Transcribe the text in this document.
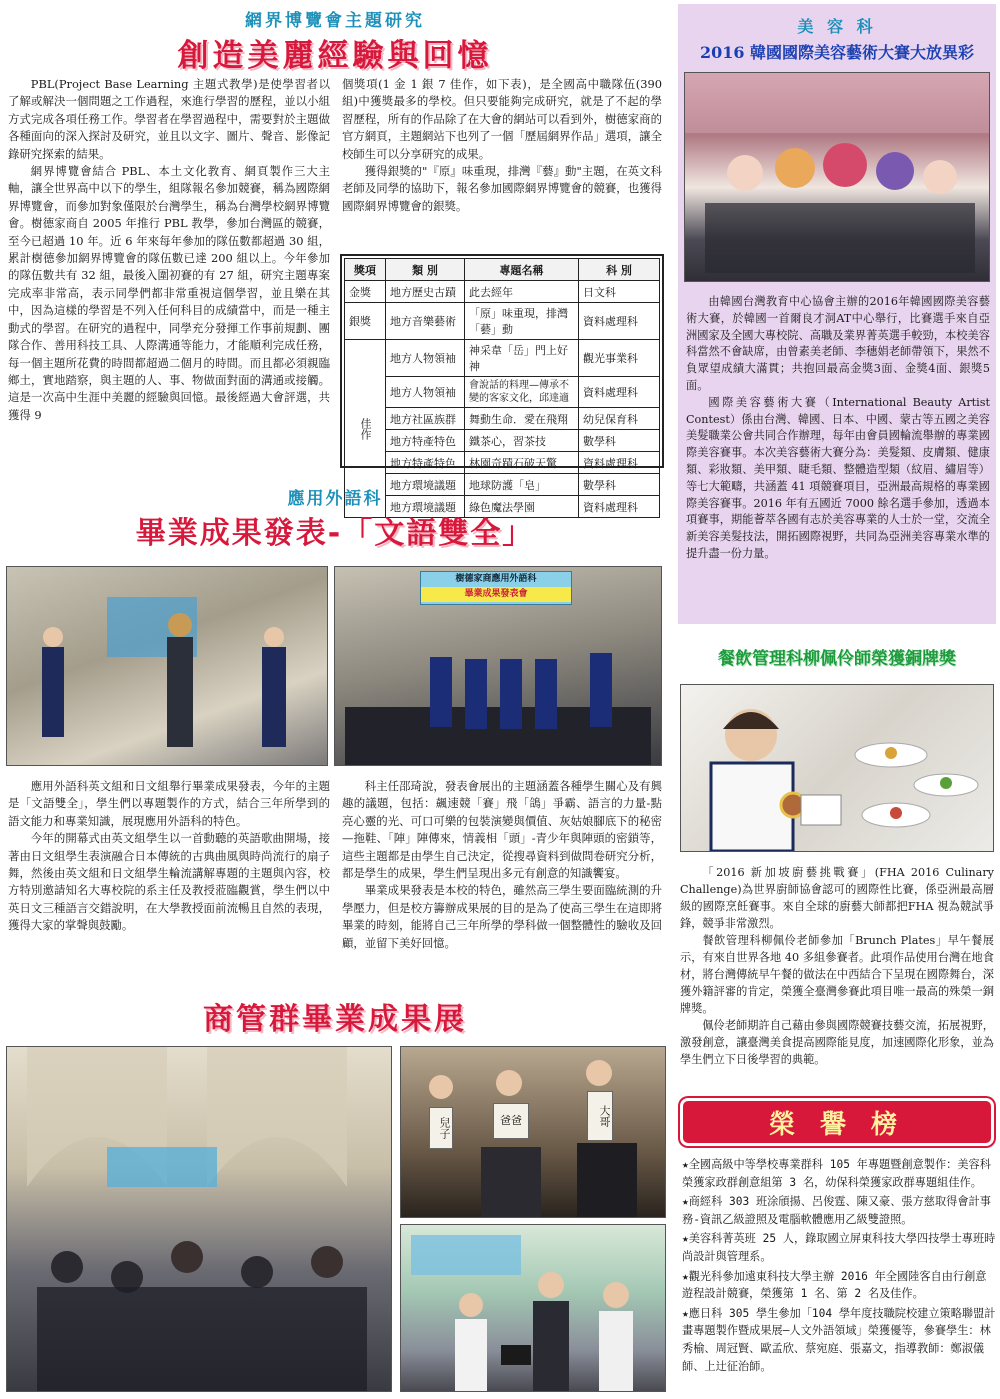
網界博覽會主題研究
創造美麗經驗與回憶

PBL(Project Base Learning 主題式教學)是使學習者以了解或解決一個問題之工作過程，來進行學習的歷程，並以小組方式完成各項任務工作。學習者在學習過程中，需要對於主題做各種面向的深入探討及研究，並且以文字、圖片、聲音、影像記錄研究探索的結果。

網界博覽會結合 PBL、本土文化教育、網頁製作三大主軸，讓全世界高中以下的學生，組隊報名參加競賽，稱為國際網界博覽會，而參加對象僅限於台灣學生，稱為台灣學校網界博覽會。樹德家商自 2005 年推行 PBL 教學，參加台灣區的競賽，至今已超過 10 年。近 6 年來每年參加的隊伍數都超過 30 組，累計樹德參加網界博覽會的隊伍數已達 200 組以上。今年參加的隊伍數共有 32 組，最後入圍初賽的有 27 組，研究主題專案完成率非常高，表示同學們都非常重視這個學習，並且樂在其中，因為這樣的學習是不列入任何科目的成績當中，而是一種主動式的學習。在研究的過程中，同學充分發揮工作事前規劃、團隊合作、善用科技工具、人際溝通等能力，才能順利完成任務，每一個主題所花費的時間都超過二個月的時間。而且都必須親臨鄉土，實地踏察，與主題的人、事、物做面對面的溝通或接觸。這是一次高中生涯中美麗的經驗與回憶。最後經過大會評選，共獲得 9

個獎項(1 金 1 銀 7 佳作，如下表)，是全國高中職隊伍(390 組)中獲獎最多的學校。但只要能夠完成研究，就是了不起的學習歷程，所有的作品除了在大會的網站可以看到外，樹德家商的官方網頁，主題網站下也列了一個「歷屆網界作品」選項，讓全校師生可以分享研究的成果。

獲得銀獎的"『原』味重現，排灣『藝』動"主題，在英文科老師及同學的協助下，報名參加國際網界博覽會的競賽，也獲得國際網界博覽會的銀獎。

獎項	類 別	專題名稱	科 別
金獎	地方歷史古蹟	此去經年	日文科
銀獎	地方音樂藝術	「原」味重現，排灣「藝」動	資料處理科
佳作	地方人物領袖	神采韋「岳」門上好神	觀光事業科
	地方人物領袖	會說話的料理—傳承不變的客家文化，邱達適	資料處理科
	地方社區族群	舞動生命．愛在飛翔	幼兒保育科
	地方特產特色	鐵茶心，習茶技	數學科
	地方特產特色	林園奇蹟石破天驚	資料處理科
	地方環境議題	地球防護「皂」	數學科
	地方環境議題	綠色魔法學園	資料處理科
美 容 科
2016 韓國國際美容藝術大賽大放異彩

由韓國台灣教育中心協會主辦的2016年韓國國際美容藝術大賽，於韓國一首爾良才洞AT中心舉行，比賽選手來自亞洲國家及全國大專校院、高職及業界菁英選手較勁，本校美容科當然不會缺席，由曾素美老師、李穗娟老師帶領下，果然不負眾望成績大滿貫；共抱回最高金獎3面、金獎4面、銀獎5面。

國際美容藝術大賽（International Beauty Artist Contest）係由台灣、韓國、日本、中國、蒙古等五國之美容美髮職業公會共同合作辦理，每年由會員國輪流舉辦的專業國際美容賽事。本次美容藝術大賽分為：美髮類、皮膚類、健康類、彩妝類、美甲類、睫毛類、整體造型類（紋眉、繡眉等）等七大範疇，共涵蓋 41 項競賽項目，亞洲最高規格的專業國際美容賽事。2016 年有五國近 7000 餘名選手參加，透過本項賽事，期能薈萃各國有志於美容專業的人士於一堂，交流全新美容美髮技法，開拓國際視野，共同為亞洲美容專業水準的提升盡一份力量。

應用外語科
畢業成果發表-「文語雙全」
樹德家商應用外語科
畢業成果發表會

應用外語科英文組和日文組舉行畢業成果發表，今年的主題是「文語雙全」，學生們以專題製作的方式，結合三年所學到的語文能力和專業知識，展現應用外語科的特色。

今年的開幕式由英文組學生以一首動聽的英語歌曲開場，接著由日文組學生表演融合日本傳統的古典曲風與時尚流行的扇子舞，然後由英文組和日文組學生輪流講解專題的主題與內容，校方特別邀請知名大專校院的系主任及教授蒞臨觀賞，學生們以中英日文三種語言交錯說明，在大學教授面前流暢且自然的表現，獲得大家的掌聲與鼓勵。

科主任邵琦說，發表會展出的主題涵蓋各種學生關心及有興趣的議題，包括：飆速競「賽」飛「鴿」爭霸、語言的力量-點亮心靈的光、可口可樂的包裝演變與價值、灰姑娘腳底下的秘密—拖鞋、「陣」陣傳來，情義相「頭」-青少年與陣頭的密鎖等，這些主題都是由學生自己決定，從搜尋資料到做問卷研究分析，都是學生的成果，學生們呈現出多元有創意的知識饗宴。

畢業成果發表是本校的特色，雖然高三學生要面臨統測的升學壓力，但是校方籌辦成果展的目的是為了使高三學生在這即將畢業的時刻，能將自己三年所學的學科做一個整體性的驗收及回顧，並留下美好回憶。

餐飲管理科柳佩伶師榮獲銅牌獎

「2016 新加坡廚藝挑戰賽」(FHA 2016 Culinary Challenge)為世界廚師協會認可的國際性比賽，係亞洲最高層級的國際烹飪賽事。來自全球的廚藝大師都把FHA 視為競試爭鋒，競爭非常激烈。

餐飲管理科柳佩伶老師參加「Brunch Plates」早午餐展示，有來自世界各地 40 多組參賽者。此項作品使用台灣在地食材，將台灣傳統早午餐的做法在中西結合下呈現在國際舞台，深獲外籍評審的肯定，榮獲全臺灣參賽此項目唯一最高的殊榮一銅牌獎。

佩伶老師期許自己藉由參與國際競賽技藝交流，拓展視野，激發創意，讓臺灣美食提高國際能見度，加速國際化形象，並為學生們立下日後學習的典範。

商管群畢業成果展
兒子	爸爸	大哥	榮 譽 榜
★全國高級中等學校專業群科 105 年專題暨創意製作：美容科榮獲家政群創意組第 3 名，幼保科榮獲家政群專題組佳作。
★商經科 303 班涂頎揚、呂俊霆、陳又豪、張方慈取得會計事務-資訊乙級證照及電腦軟體應用乙級雙證照。
★美容科菁英班 25 人，錄取國立屏東科技大學四技學士專班時尚設計與管理系。
★觀光科參加遠東科技大學主辦 2016 年全國陸客自由行創意遊程設計競賽，榮獲第 1 名、第 2 名及佳作。
★應日科 305 學生參加「104 學年度技職院校建立策略聯盟計畫專題製作暨成果展—人文外語領域」榮獲優等，參賽學生：林秀榆、周冠賢、歐孟欣、蔡宛庭、張嘉文，指導教師：鄭淑儀師、上辻征治師。
